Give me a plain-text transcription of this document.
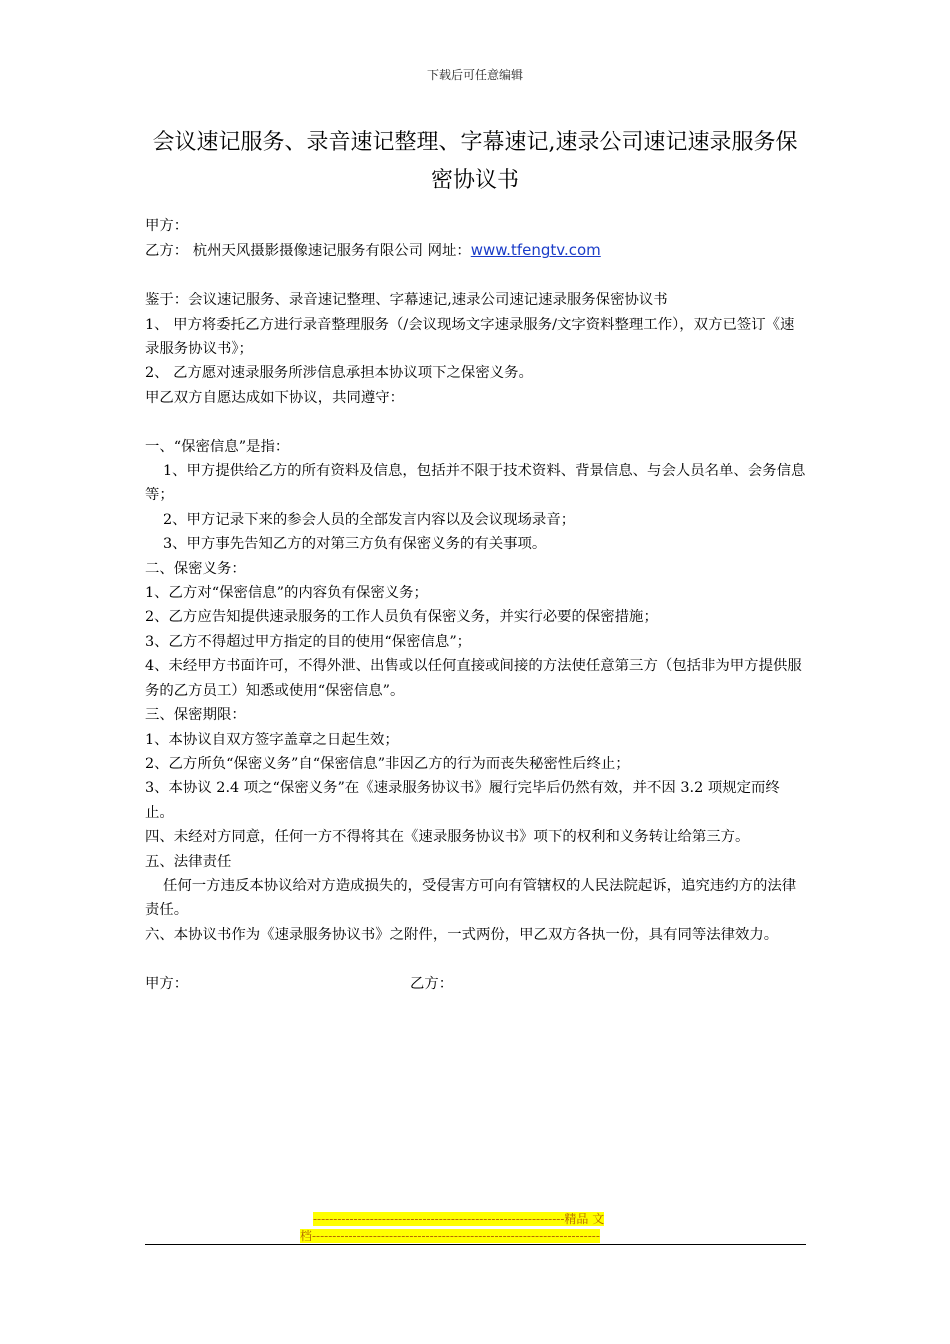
下载后可任意编辑
会议速记服务、录音速记整理、字幕速记,速录公司速记速录服务保
密协议书

甲方：

乙方： 杭州天风摄影摄像速记服务有限公司 网址：www.tfengtv.com

鉴于：会议速记服务、录音速记整理、字幕速记,速录公司速记速录服务保密协议书

1、 甲方将委托乙方进行录音整理服务（/会议现场文字速录服务/文字资料整理工作），双方已签订《速录服务协议书》；

2、 乙方愿对速录服务所涉信息承担本协议项下之保密义务。

甲乙双方自愿达成如下协议，共同遵守：

一、“保密信息”是指：

1、甲方提供给乙方的所有资料及信息，包括并不限于技术资料、背景信息、与会人员名单、会务信息等；

2、甲方记录下来的参会人员的全部发言内容以及会议现场录音；

3、甲方事先告知乙方的对第三方负有保密义务的有关事项。

二、保密义务：

1、乙方对“保密信息”的内容负有保密义务；

2、乙方应告知提供速录服务的工作人员负有保密义务，并实行必要的保密措施；

3、乙方不得超过甲方指定的目的使用“保密信息”；

4、未经甲方书面许可，不得外泄、出售或以任何直接或间接的方法使任意第三方（包括非为甲方提供服务的乙方员工）知悉或使用“保密信息”。

三、保密期限：

1、本协议自双方签字盖章之日起生效；

2、乙方所负“保密义务”自“保密信息”非因乙方的行为而丧失秘密性后终止；

3、本协议 2.4 项之“保密义务”在《速录服务协议书》履行完毕后仍然有效，并不因 3.2 项规定而终止。

四、未经对方同意，任何一方不得将其在《速录服务协议书》项下的权利和义务转让给第三方。

五、法律责任

任何一方违反本协议给对方造成损失的，受侵害方可向有管辖权的人民法院起诉，追究违约方的法律责任。

六、本协议书作为《速录服务协议书》之附件，一式两份，甲乙双方各执一份，具有同等法律效力。

甲方：	乙方：
--------------------------------------------------------------精品 文
档-----------------------------------------------------------------------
